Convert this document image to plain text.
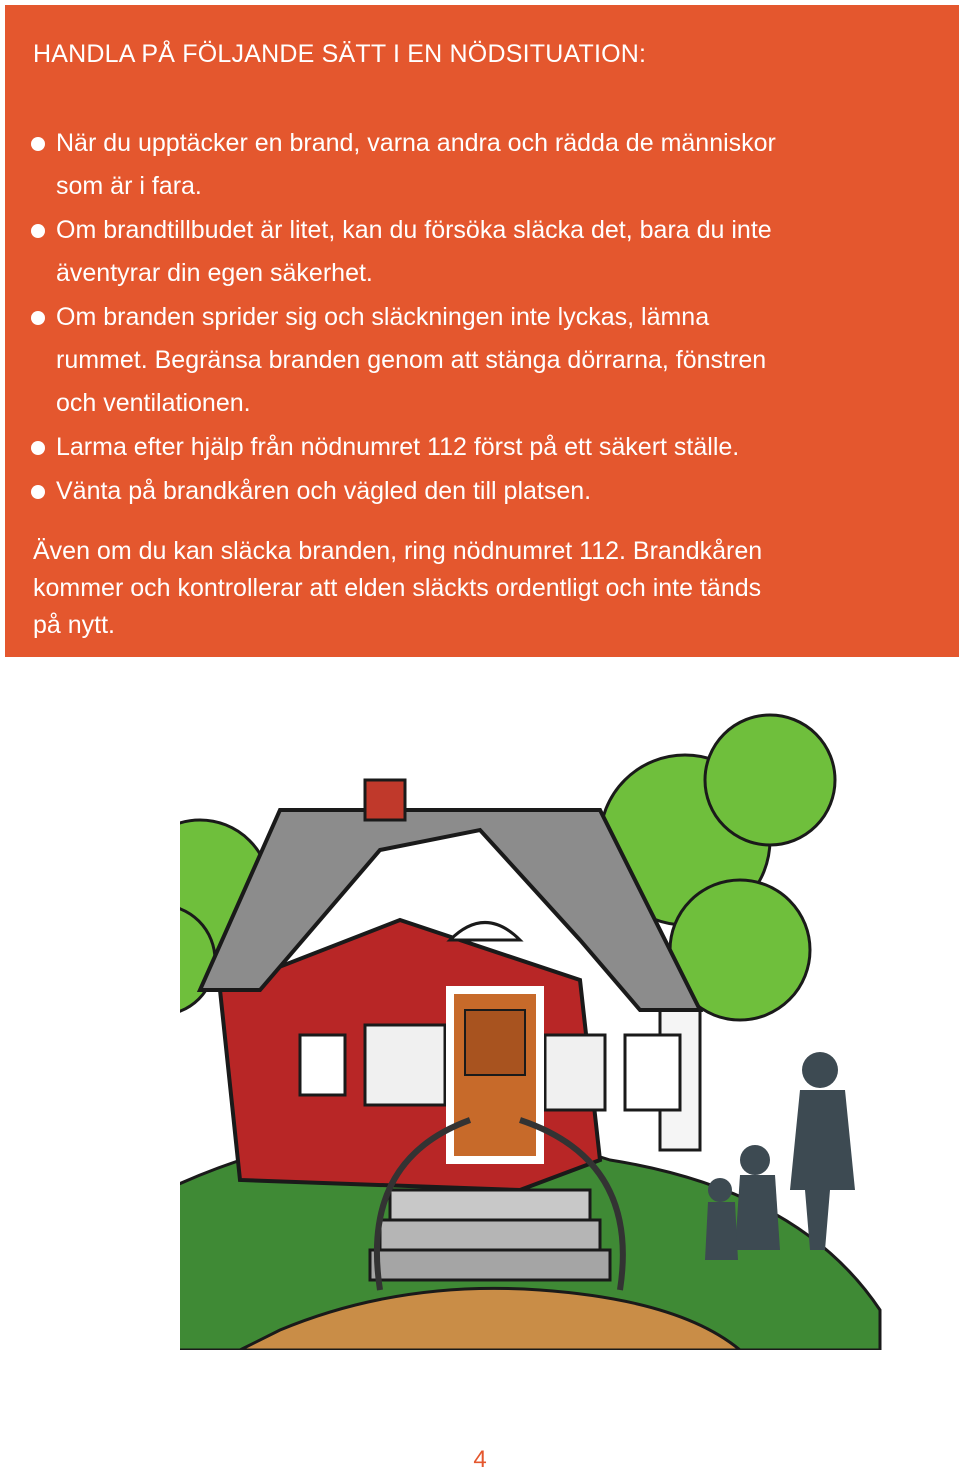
HANDLA PÅ FÖLJANDE SÄTT I EN NÖDSITUATION:
När du upptäcker en brand, varna andra och rädda de människor
som är i fara.
Om brandtillbudet är litet, kan du försöka släcka det, bara du inte
äventyrar din egen säkerhet.
Om branden sprider sig och släckningen inte lyckas, lämna
rummet. Begränsa branden genom att stänga dörrarna, fönstren
och ventilationen.
Larma efter hjälp från nödnumret 112 först på ett säkert ställe.
Vänta på brandkåren och vägled den till platsen.
Även om du kan släcka branden, ring nödnumret 112. Brandkåren
kommer och kontrollerar att elden släckts ordentligt och inte tänds
på nytt.
4
